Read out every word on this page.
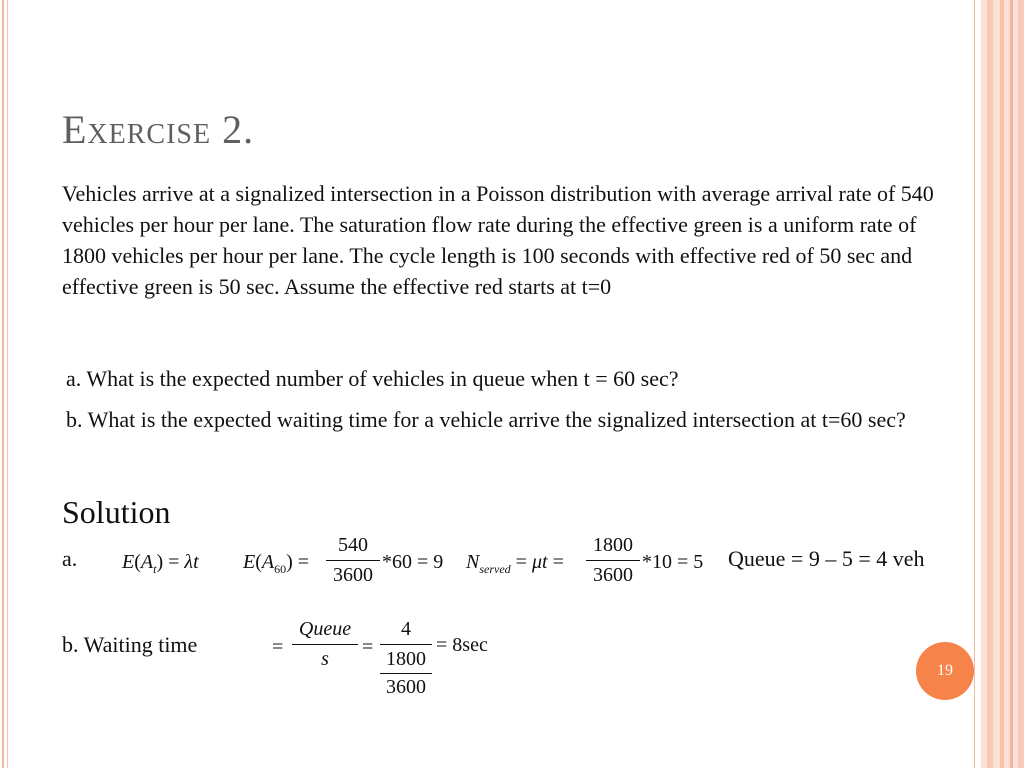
Exercise 2.
Vehicles arrive at a signalized intersection in a Poisson distribution with average arrival rate of 540 vehicles per hour per lane. The saturation flow rate during the effective green is a uniform rate of 1800 vehicles per hour per lane. The cycle length is 100 seconds with effective red of 50 sec and effective green is 50 sec. Assume the effective red starts at t=0
a. What is the expected number of vehicles in queue when t = 60 sec?
b. What is the expected waiting time for a vehicle arrive the signalized intersection at t=60 sec?
Solution
a. $E(A_t) = \lambda t$ $E(A_{60})$ =
540
3600
*60 = 9 $N_{served} = \mu t$ =
1800
3600
*10 = 5 Queue = 9 – 5 = 4 veh
b. Waiting time	=
Queue
s
=
4
1800
3600
= 8sec
19
